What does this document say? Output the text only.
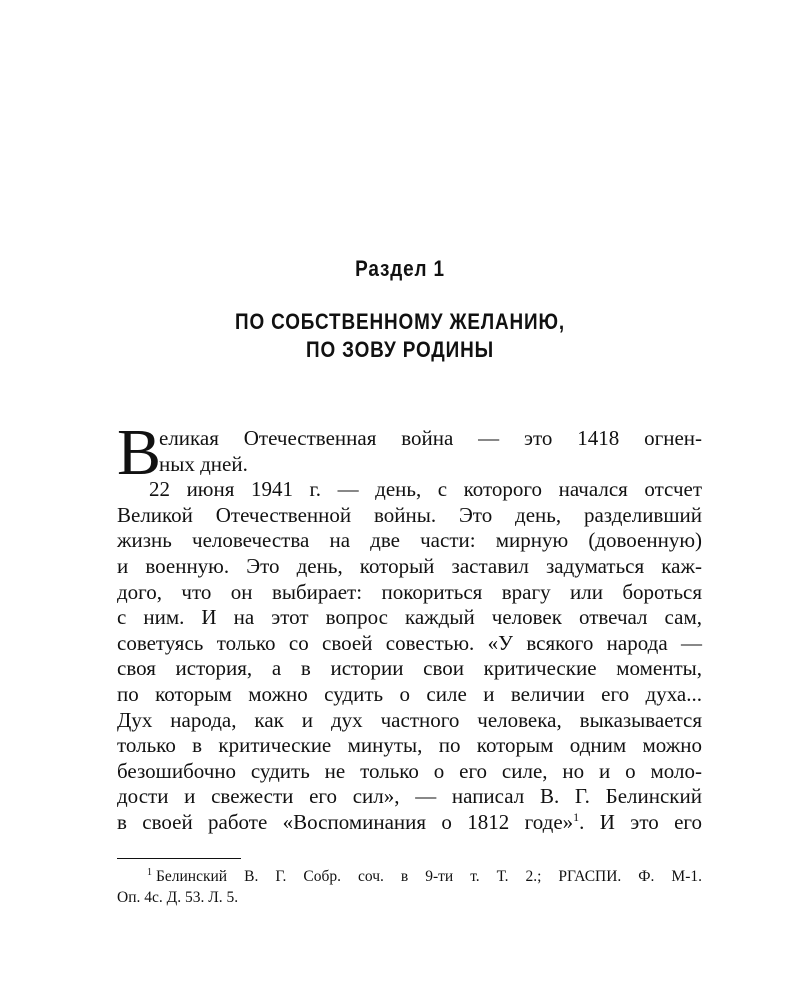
Раздел 1
ПО СОБСТВЕННОМУ ЖЕЛАНИЮ,
ПО ЗОВУ РОДИНЫ
В
еликая Отечественная война — это 1418 огнен-
ных дней.
22 июня 1941 г. — день, с которого начался отсчет
Великой Отечественной войны. Это день, разделивший
жизнь человечества на две части: мирную (довоенную)
и военную. Это день, который заставил задуматься каж-
дого, что он выбирает: покориться врагу или бороться
с ним. И на этот вопрос каждый человек отвечал сам,
советуясь только со своей совестью. «У всякого народа —
своя история, а в истории свои критические моменты,
по которым можно судить о силе и величии его духа...
Дух народа, как и дух частного человека, выказывается
только в критические минуты, по которым одним можно
безошибочно судить не только о его силе, но и о моло-
дости и свежести его сил», — написал В. Г. Белинский
в своей работе «Воспоминания о 1812 годе»$^1$. И это его
$^1$ Белинский В. Г. Собр. соч. в 9-ти т. Т. 2.; РГАСПИ. Ф. М-1.
Оп. 4с. Д. 53. Л. 5.
